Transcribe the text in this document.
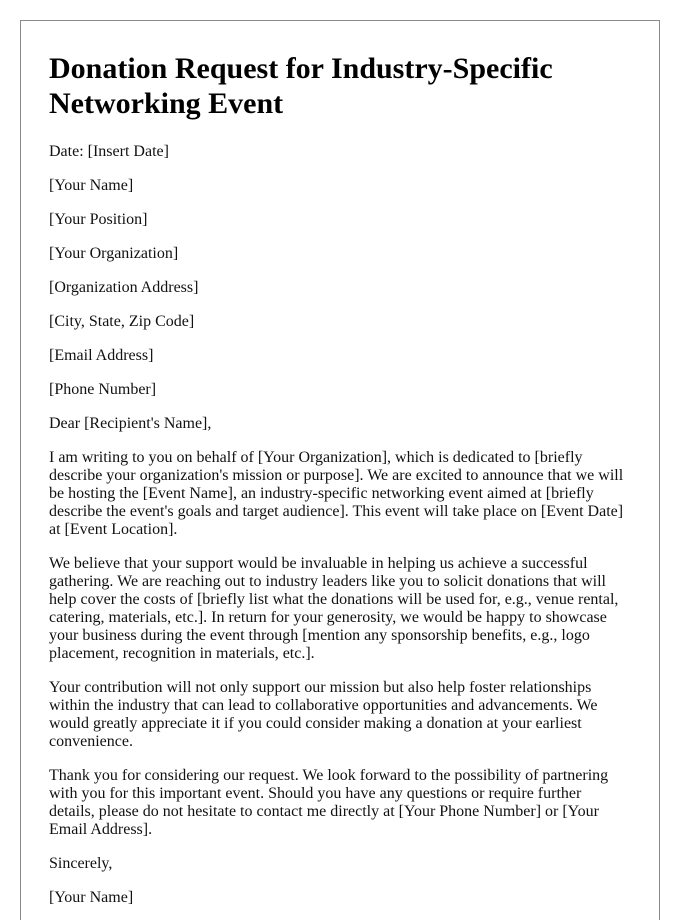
Donation Request for Industry-Specific Networking Event
Date: [Insert Date]
[Your Name]
[Your Position]
[Your Organization]
[Organization Address]
[City, State, Zip Code]
[Email Address]
[Phone Number]
Dear [Recipient's Name],

I am writing to you on behalf of [Your Organization], which is dedicated to [briefly describe your organization's mission or purpose]. We are excited to announce that we will be hosting the [Event Name], an industry-specific networking event aimed at [briefly describe the event's goals and target audience]. This event will take place on [Event Date] at [Event Location].

We believe that your support would be invaluable in helping us achieve a successful gathering. We are reaching out to industry leaders like you to solicit donations that will help cover the costs of [briefly list what the donations will be used for, e.g., venue rental, catering, materials, etc.]. In return for your generosity, we would be happy to showcase your business during the event through [mention any sponsorship benefits, e.g., logo placement, recognition in materials, etc.].

Your contribution will not only support our mission but also help foster relationships within the industry that can lead to collaborative opportunities and advancements. We would greatly appreciate it if you could consider making a donation at your earliest convenience.

Thank you for considering our request. We look forward to the possibility of partnering with you for this important event. Should you have any questions or require further details, please do not hesitate to contact me directly at [Your Phone Number] or [Your Email Address].

Sincerely,
[Your Name]
